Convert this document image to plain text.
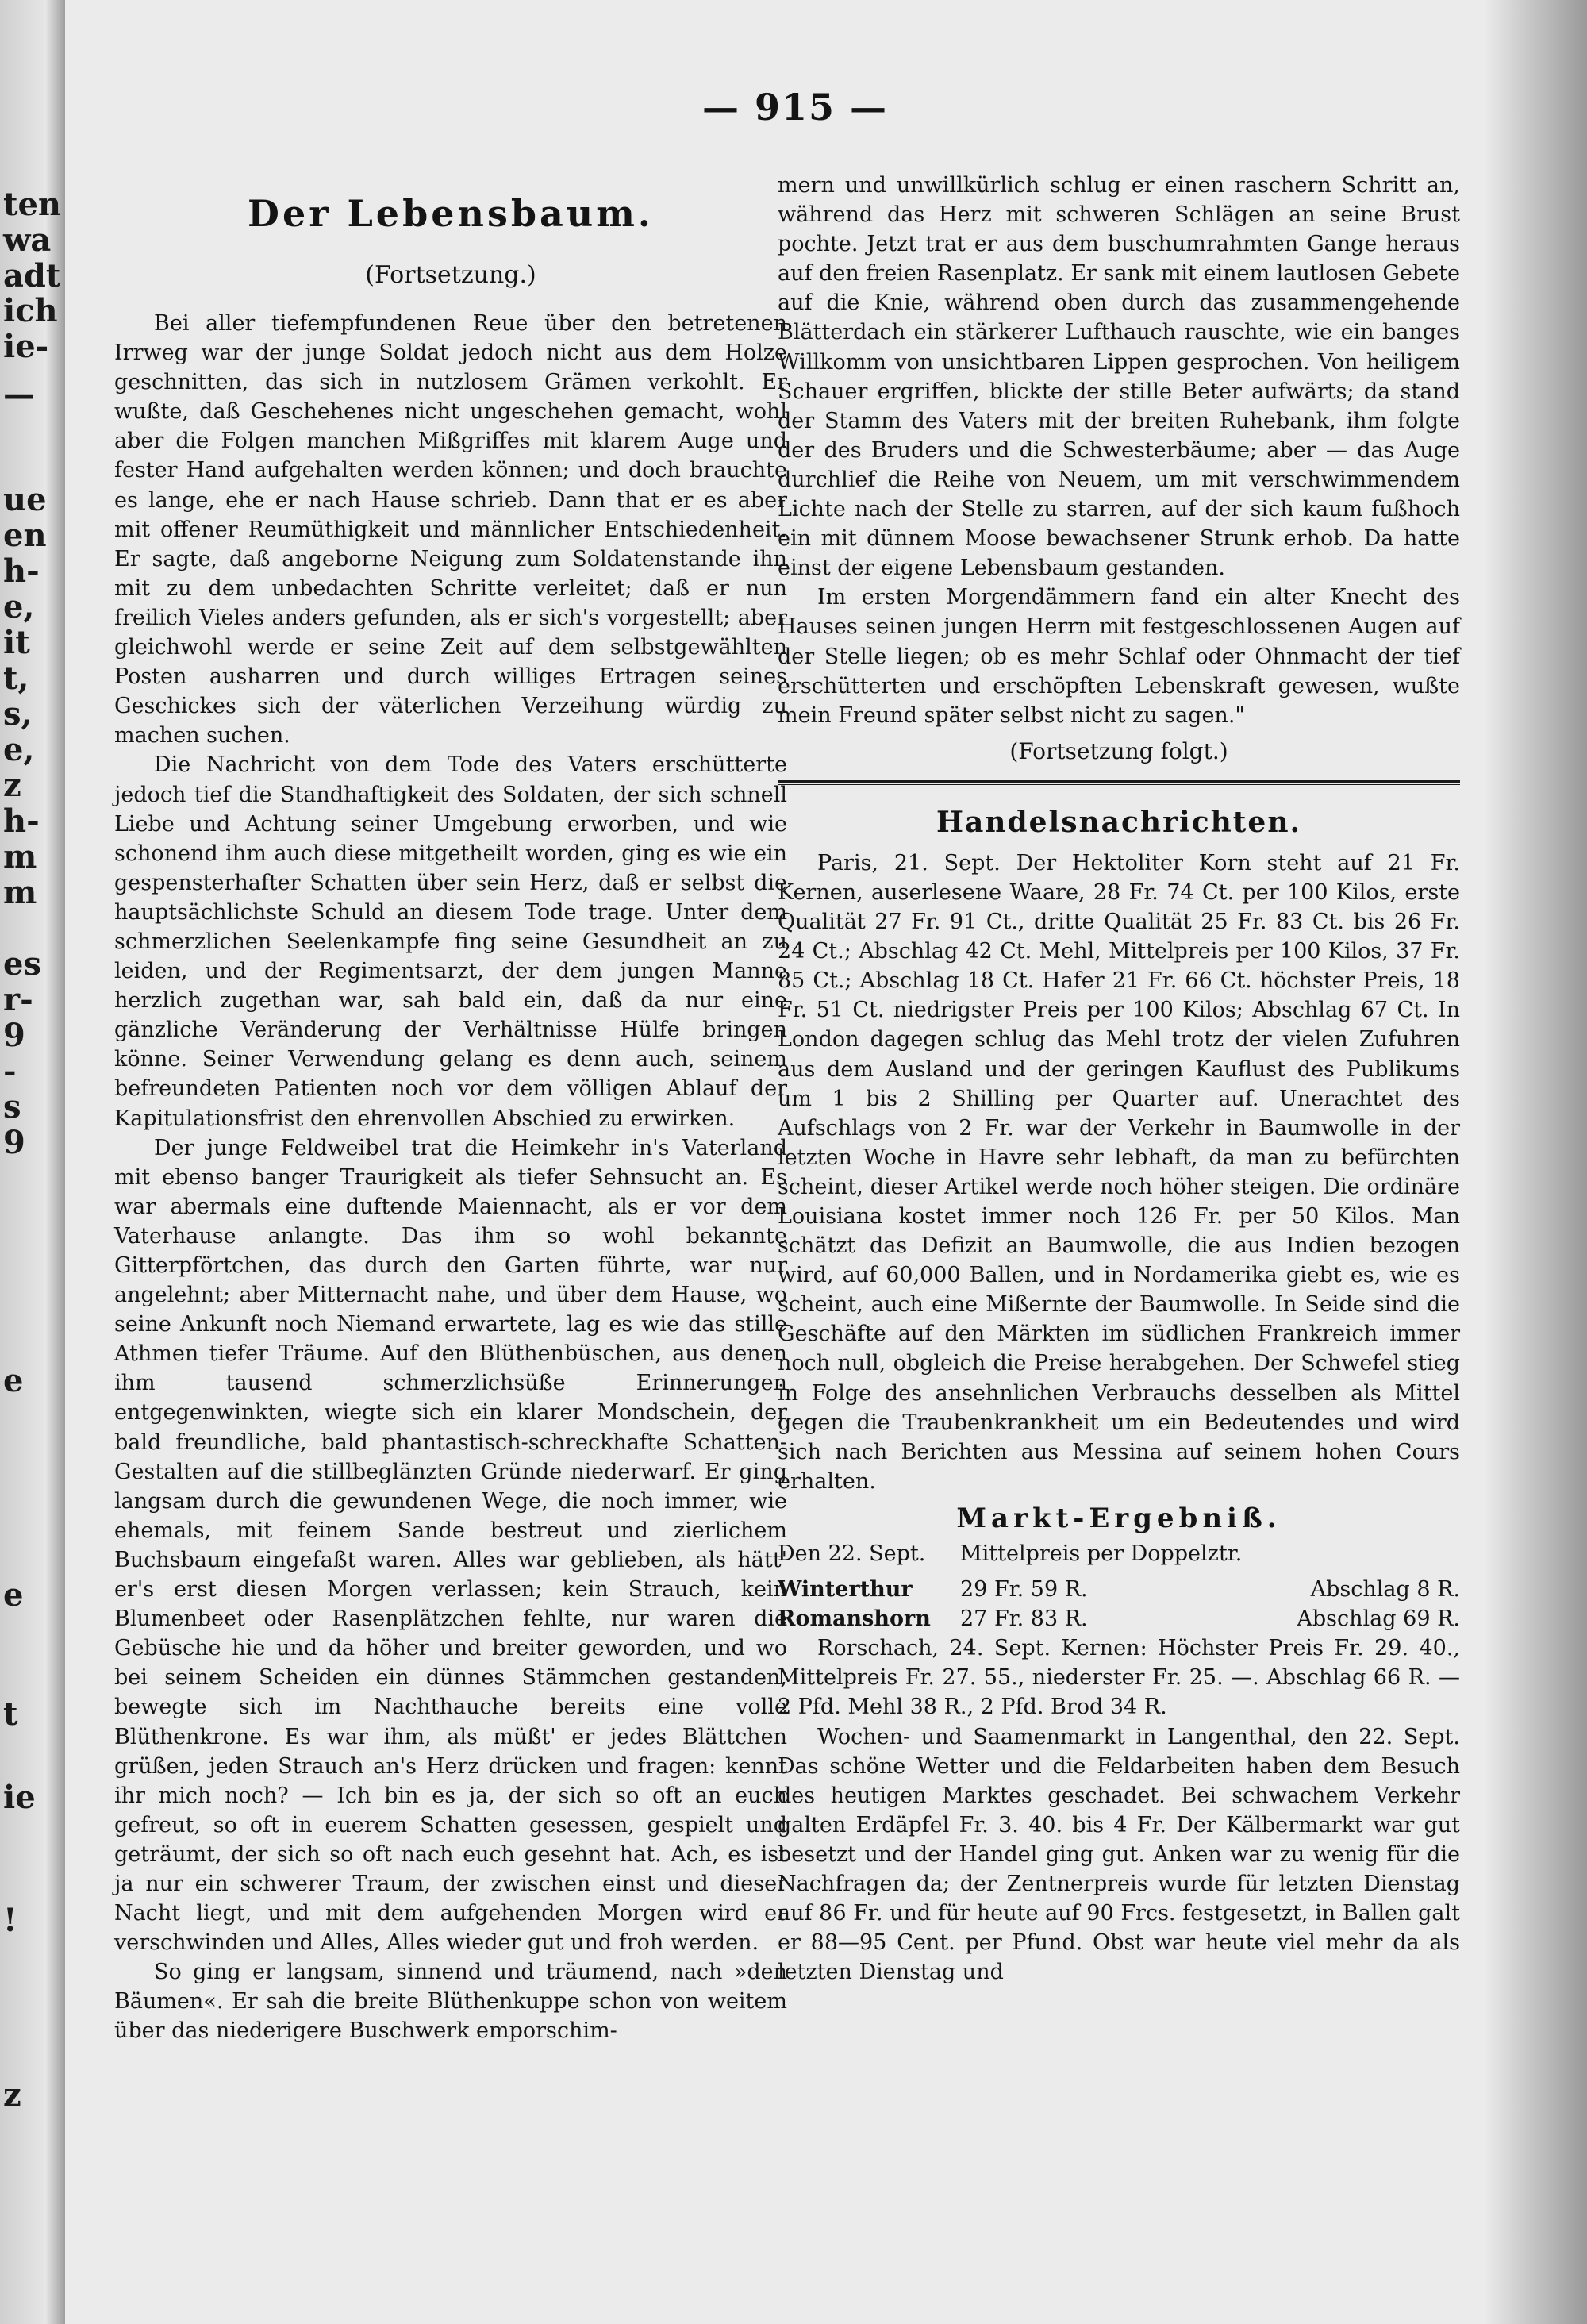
ten
wa
adt
ich
ie-
—
ue
en
h-
e,
it
t,
s,
e,
z
h-
m
m
es
r-
9
-
s
9
e
e
t
ie
!
z
— 915 —
Der Lebensbaum.
(Fortsetzung.)

Bei aller tiefempfundenen Reue über den betretenen Irrweg war der junge Soldat jedoch nicht aus dem Holze geschnitten, das sich in nutzlosem Grämen verkohlt. Er wußte, daß Geschehenes nicht ungeschehen gemacht, wohl aber die Folgen manchen Mißgriffes mit klarem Auge und fester Hand aufgehalten werden können; und doch brauchte es lange, ehe er nach Hause schrieb. Dann that er es aber mit offener Reumüthigkeit und männlicher Entschiedenheit. Er sagte, daß angeborne Neigung zum Soldatenstande ihn mit zu dem unbedachten Schritte verleitet; daß er nun freilich Vieles anders gefunden, als er sich's vorgestellt; aber gleichwohl werde er seine Zeit auf dem selbstgewählten Posten ausharren und durch williges Ertragen seines Geschickes sich der väterlichen Verzeihung würdig zu machen suchen.

Die Nachricht von dem Tode des Vaters erschütterte jedoch tief die Standhaftigkeit des Soldaten, der sich schnell Liebe und Achtung seiner Umgebung erworben, und wie schonend ihm auch diese mitgetheilt worden, ging es wie ein gespensterhafter Schatten über sein Herz, daß er selbst die hauptsächlichste Schuld an diesem Tode trage. Unter dem schmerzlichen Seelenkampfe fing seine Gesundheit an zu leiden, und der Regimentsarzt, der dem jungen Manne herzlich zugethan war, sah bald ein, daß da nur eine gänzliche Veränderung der Verhältnisse Hülfe bringen könne. Seiner Verwendung gelang es denn auch, seinem befreundeten Patienten noch vor dem völligen Ablauf der Kapitulationsfrist den ehrenvollen Abschied zu erwirken.

Der junge Feldweibel trat die Heimkehr in's Vaterland mit ebenso banger Traurigkeit als tiefer Sehnsucht an. Es war abermals eine duftende Maiennacht, als er vor dem Vaterhause anlangte. Das ihm so wohl bekannte Gitterpförtchen, das durch den Garten führte, war nur angelehnt; aber Mitternacht nahe, und über dem Hause, wo seine Ankunft noch Niemand erwartete, lag es wie das stille Athmen tiefer Träume. Auf den Blüthenbüschen, aus denen ihm tausend schmerzlichsüße Erinnerungen entgegenwinkten, wiegte sich ein klarer Mondschein, der bald freundliche, bald phantastisch-schreckhafte Schatten-Gestalten auf die stillbeglänzten Gründe niederwarf. Er ging langsam durch die gewundenen Wege, die noch immer, wie ehemals, mit feinem Sande bestreut und zierlichem Buchsbaum eingefaßt waren. Alles war geblieben, als hätt' er's erst diesen Morgen verlassen; kein Strauch, kein Blumenbeet oder Rasenplätzchen fehlte, nur waren die Gebüsche hie und da höher und breiter geworden, und wo bei seinem Scheiden ein dünnes Stämmchen gestanden, bewegte sich im Nachthauche bereits eine volle Blüthenkrone. Es war ihm, als müßt' er jedes Blättchen grüßen, jeden Strauch an's Herz drücken und fragen: kennt ihr mich noch? — Ich bin es ja, der sich so oft an euch gefreut, so oft in euerem Schatten gesessen, gespielt und geträumt, der sich so oft nach euch gesehnt hat. Ach, es ist ja nur ein schwerer Traum, der zwischen einst und dieser Nacht liegt, und mit dem aufgehenden Morgen wird er verschwinden und Alles, Alles wieder gut und froh werden.

So ging er langsam, sinnend und träumend, nach »den Bäumen«. Er sah die breite Blüthenkuppe schon von weitem über das niederigere Buschwerk emporschim-

mern und unwillkürlich schlug er einen raschern Schritt an, während das Herz mit schweren Schlägen an seine Brust pochte. Jetzt trat er aus dem buschumrahmten Gange heraus auf den freien Rasenplatz. Er sank mit einem lautlosen Gebete auf die Knie, während oben durch das zusammengehende Blätterdach ein stärkerer Lufthauch rauschte, wie ein banges Willkomm von unsichtbaren Lippen gesprochen. Von heiligem Schauer ergriffen, blickte der stille Beter aufwärts; da stand der Stamm des Vaters mit der breiten Ruhebank, ihm folgte der des Bruders und die Schwesterbäume; aber — das Auge durchlief die Reihe von Neuem, um mit verschwimmendem Lichte nach der Stelle zu starren, auf der sich kaum fußhoch ein mit dünnem Moose bewachsener Strunk erhob. Da hatte einst der eigene Lebensbaum gestanden.

Im ersten Morgendämmern fand ein alter Knecht des Hauses seinen jungen Herrn mit festgeschlossenen Augen auf der Stelle liegen; ob es mehr Schlaf oder Ohnmacht der tief erschütterten und erschöpften Lebenskraft gewesen, wußte mein Freund später selbst nicht zu sagen."

(Fortsetzung folgt.)
Handelsnachrichten.

Paris, 21. Sept. Der Hektoliter Korn steht auf 21 Fr. Kernen, auserlesene Waare, 28 Fr. 74 Ct. per 100 Kilos, erste Qualität 27 Fr. 91 Ct., dritte Qualität 25 Fr. 83 Ct. bis 26 Fr. 24 Ct.; Abschlag 42 Ct. Mehl, Mittelpreis per 100 Kilos, 37 Fr. 85 Ct.; Abschlag 18 Ct. Hafer 21 Fr. 66 Ct. höchster Preis, 18 Fr. 51 Ct. niedrigster Preis per 100 Kilos; Abschlag 67 Ct. In London dagegen schlug das Mehl trotz der vielen Zufuhren aus dem Ausland und der geringen Kauflust des Publikums um 1 bis 2 Shilling per Quarter auf. Unerachtet des Aufschlags von 2 Fr. war der Verkehr in Baumwolle in der letzten Woche in Havre sehr lebhaft, da man zu befürchten scheint, dieser Artikel werde noch höher steigen. Die ordinäre Louisiana kostet immer noch 126 Fr. per 50 Kilos. Man schätzt das Defizit an Baumwolle, die aus Indien bezogen wird, auf 60,000 Ballen, und in Nordamerika giebt es, wie es scheint, auch eine Mißernte der Baumwolle. In Seide sind die Geschäfte auf den Märkten im südlichen Frankreich immer noch null, obgleich die Preise herabgehen. Der Schwefel stieg in Folge des ansehnlichen Verbrauchs desselben als Mittel gegen die Traubenkrankheit um ein Bedeutendes und wird sich nach Berichten aus Messina auf seinem hohen Cours erhalten.

Markt-Ergebniß.
Den 22. Sept.	Mittelpreis per Doppelztr.
Winterthur	29 Fr. 59 R.	Abschlag 8 R.
Romanshorn	27 Fr. 83 R.	Abschlag 69 R.

Rorschach, 24. Sept. Kernen: Höchster Preis Fr. 29. 40., Mittelpreis Fr. 27. 55., niederster Fr. 25. —. Abschlag 66 R. — 2 Pfd. Mehl 38 R., 2 Pfd. Brod 34 R.

Wochen- und Saamenmarkt in Langenthal, den 22. Sept. Das schöne Wetter und die Feldarbeiten haben dem Besuch des heutigen Marktes geschadet. Bei schwachem Verkehr galten Erdäpfel Fr. 3. 40. bis 4 Fr. Der Kälbermarkt war gut besetzt und der Handel ging gut. Anken war zu wenig für die Nachfragen da; der Zentnerpreis wurde für letzten Dienstag auf 86 Fr. und für heute auf 90 Frcs. festgesetzt, in Ballen galt er 88—95 Cent. per Pfund. Obst war heute viel mehr da als letzten Dienstag und
